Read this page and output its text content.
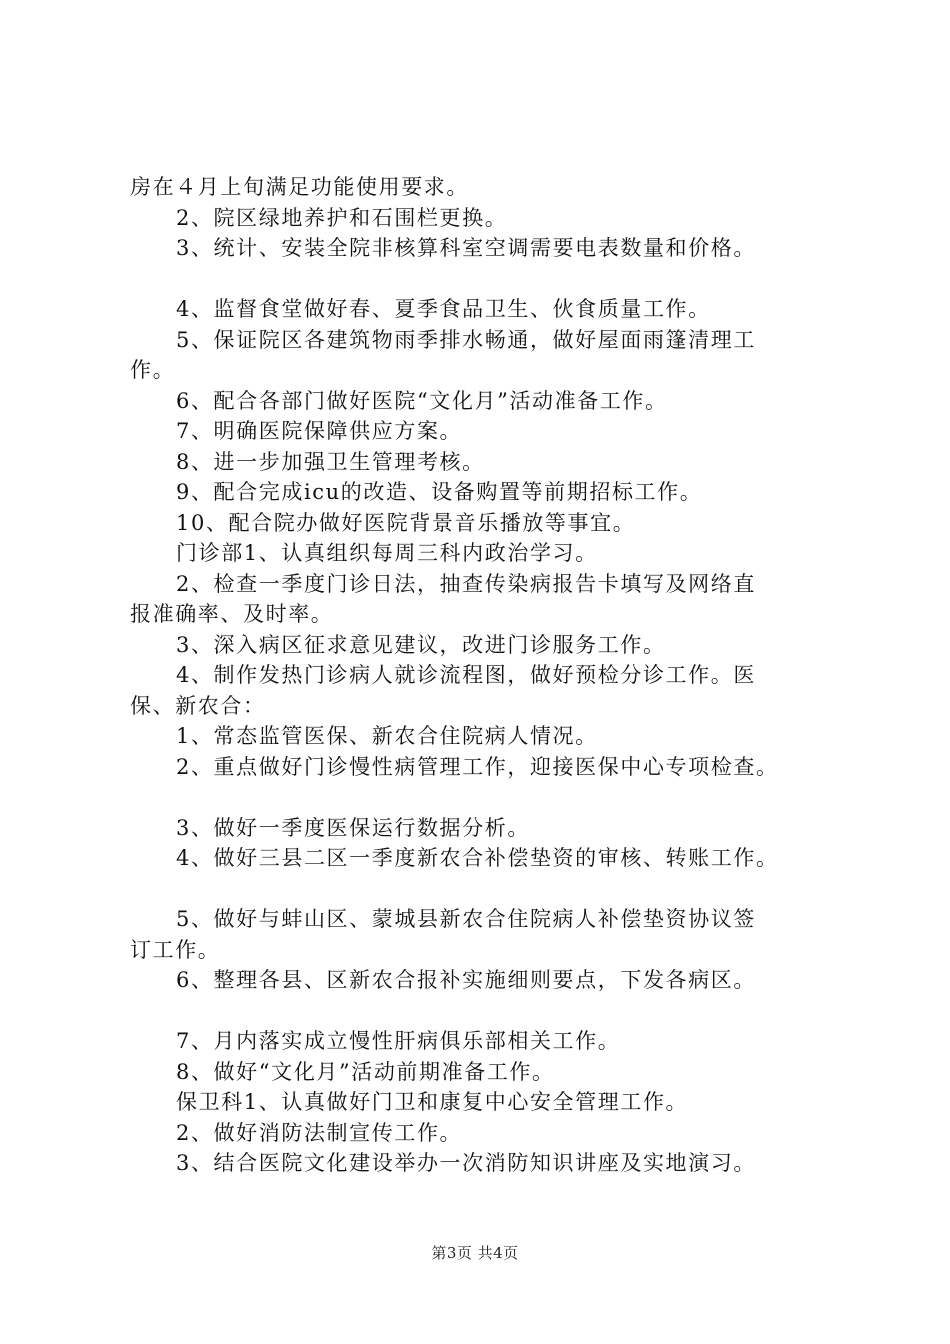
房在４月上旬满足功能使用要求。
2、院区绿地养护和石围栏更换。
3、统计、安装全院非核算科室空调需要电表数量和价格。
4、监督食堂做好春、夏季食品卫生、伙食质量工作。
5、保证院区各建筑物雨季排水畅通，做好屋面雨篷清理工
作。
6、配合各部门做好医院“文化月”活动准备工作。
7、明确医院保障供应方案。
8、进一步加强卫生管理考核。
9、配合完成icu的改造、设备购置等前期招标工作。
10、配合院办做好医院背景音乐播放等事宜。
门诊部1、认真组织每周三科内政治学习。
2、检查一季度门诊日法，抽查传染病报告卡填写及网络直
报准确率、及时率。
3、深入病区征求意见建议，改进门诊服务工作。
4、制作发热门诊病人就诊流程图，做好预检分诊工作。医
保、新农合：
1、常态监管医保、新农合住院病人情况。
2、重点做好门诊慢性病管理工作，迎接医保中心专项检查。
3、做好一季度医保运行数据分析。
4、做好三县二区一季度新农合补偿垫资的审核、转账工作。
5、做好与蚌山区、蒙城县新农合住院病人补偿垫资协议签
订工作。
6、整理各县、区新农合报补实施细则要点，下发各病区。
7、月内落实成立慢性肝病俱乐部相关工作。
8、做好“文化月”活动前期准备工作。
保卫科1、认真做好门卫和康复中心安全管理工作。
2、做好消防法制宣传工作。
3、结合医院文化建设举办一次消防知识讲座及实地演习。
第3页 共4页
